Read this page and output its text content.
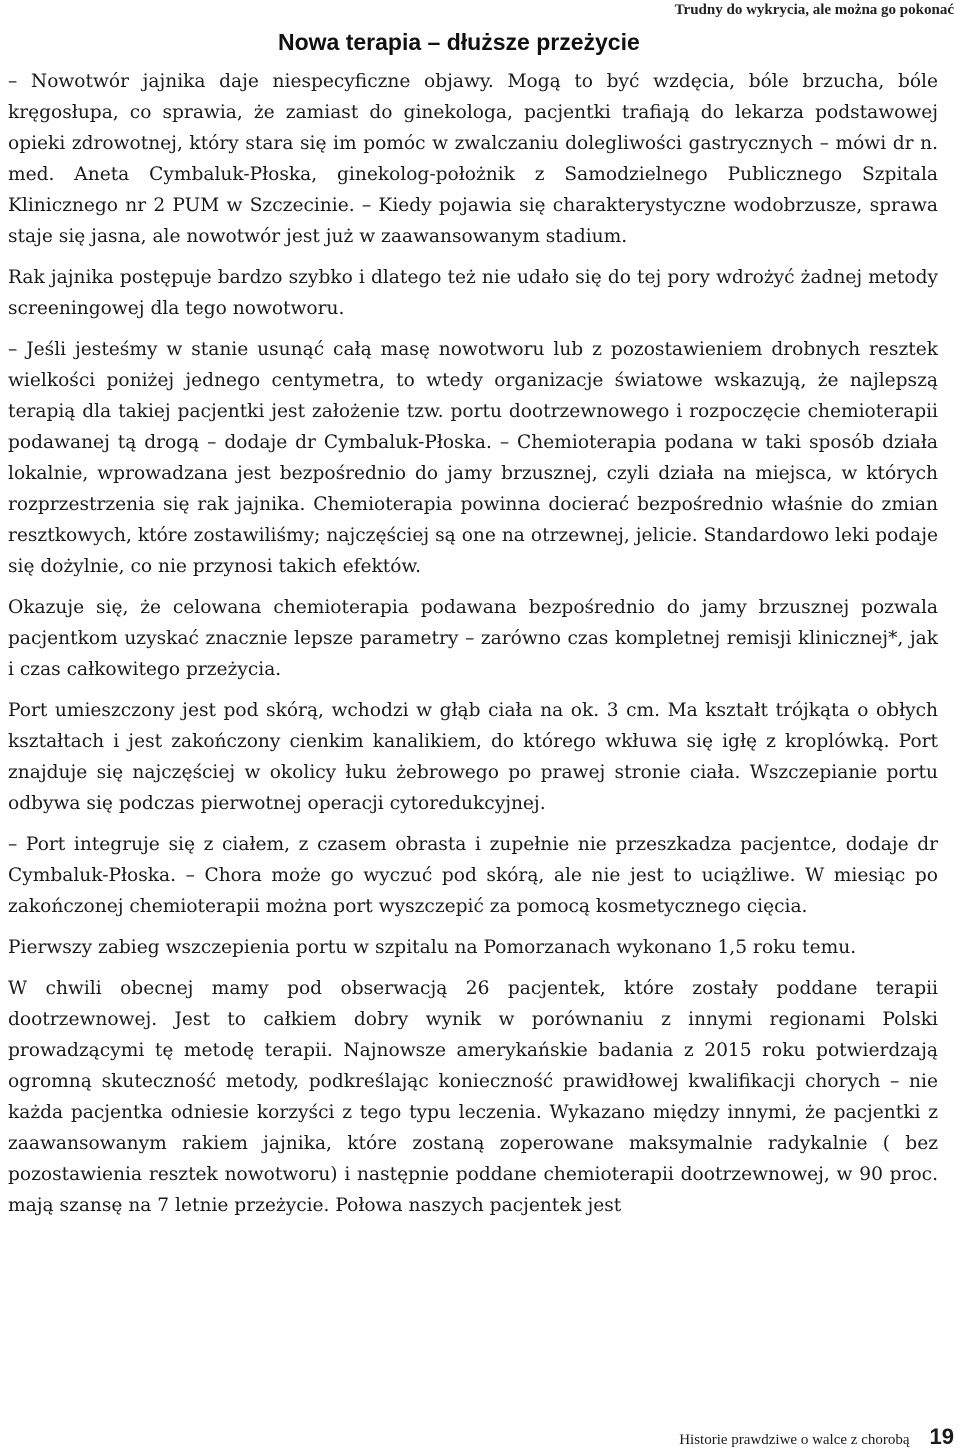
Trudny do wykrycia, ale można go pokonać
Nowa terapia – dłuższe przeżycie

– Nowotwór jajnika daje niespecyficzne objawy. Mogą to być wzdęcia, bóle brzucha, bóle kręgosłupa, co sprawia, że zamiast do ginekologa, pacjentki trafiają do lekarza podstawowej opieki zdrowotnej, który stara się im pomóc w zwalczaniu dolegliwości gastrycznych – mówi dr n. med. Aneta Cymbaluk-Płoska, ginekolog-położnik z Samodzielnego Publicznego Szpitala Klinicznego nr 2 PUM w Szczecinie. – Kiedy pojawia się charakterystyczne wodobrzusze, sprawa staje się jasna, ale nowotwór jest już w zaawansowanym stadium.

Rak jajnika postępuje bardzo szybko i dlatego też nie udało się do tej pory wdrożyć żadnej metody screeningowej dla tego nowotworu.

– Jeśli jesteśmy w stanie usunąć całą masę nowotworu lub z pozostawieniem drobnych resztek wielkości poniżej jednego centymetra, to wtedy organizacje światowe wskazują, że najlepszą terapią dla takiej pacjentki jest założenie tzw. portu dootrzewnowego i rozpoczęcie chemioterapii podawanej tą drogą – dodaje dr Cymbaluk-Płoska. – Chemioterapia podana w taki sposób działa lokalnie, wprowadzana jest bezpośrednio do jamy brzusznej, czyli działa na miejsca, w których rozprzestrzenia się rak jajnika. Chemioterapia powinna docierać bezpośrednio właśnie do zmian resztkowych, które zostawiliśmy; najczęściej są one na otrzewnej, jelicie. Standardowo leki podaje się dożylnie, co nie przynosi takich efektów.

Okazuje się, że celowana chemioterapia podawana bezpośrednio do jamy brzusznej pozwala pacjentkom uzyskać znacznie lepsze parametry – zarówno czas kompletnej remisji klinicznej*, jak i czas całkowitego przeżycia.

Port umieszczony jest pod skórą, wchodzi w głąb ciała na ok. 3 cm. Ma kształt trójkąta o obłych kształtach i jest zakończony cienkim kanalikiem, do którego wkłuwa się igłę z kroplówką. Port znajduje się najczęściej w okolicy łuku żebrowego po prawej stronie ciała. Wszczepianie portu odbywa się podczas pierwotnej operacji cytoredukcyjnej.

– Port integruje się z ciałem, z czasem obrasta i zupełnie nie przeszkadza pacjentce, dodaje dr Cymbaluk-Płoska. – Chora może go wyczuć pod skórą, ale nie jest to uciążliwe. W miesiąc po zakończonej chemioterapii można port wyszczepić za pomocą kosmetycznego cięcia.

Pierwszy zabieg wszczepienia portu w szpitalu na Pomorzanach wykonano 1,5 roku temu.

W chwili obecnej mamy pod obserwacją 26 pacjentek, które zostały poddane terapii dootrzewnowej. Jest to całkiem dobry wynik w porównaniu z innymi regionami Polski prowadzącymi tę metodę terapii. Najnowsze amerykańskie badania z 2015 roku potwierdzają ogromną skuteczność metody, podkreślając konieczność prawidłowej kwalifikacji chorych – nie każda pacjentka odniesie korzyści z tego typu leczenia. Wykazano między innymi, że pacjentki z zaawansowanym rakiem jajnika, które zostaną zoperowane maksymalnie radykalnie ( bez pozostawienia resztek nowotworu) i następnie poddane chemioterapii dootrzewnowej, w 90 proc. mają szansę na 7 letnie przeżycie. Połowa naszych pacjentek jest

Historie prawdziwe o walce z chorobą 19
